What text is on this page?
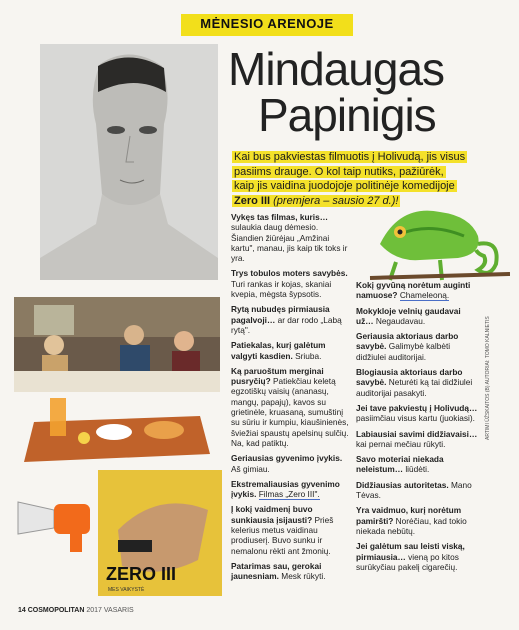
MĖNESIO ARENOJE
Mindaugas
Papinigis
Kai bus pakviestas filmuotis į Holivudą, jis visus
pasiims drauge. O kol taip nutiks, pažiūrėk,
kaip jis vaidina juodojoje politinėje komedijoje
Zero III (premjera – sausio 27 d.)!
Vykęs tas filmas, kuris… sulaukia daug dėmesio. Šiandien žiūrėjau „Amžinai kartu", manau, jis kaip tik toks ir yra.
Trys tobulos moters savybės. Turi rankas ir kojas, skaniai kvepia, mėgsta šypsotis.
Rytą nubudęs pirmiausia pagalvoji… ar dar rodo „Labą rytą".
Patiekalas, kurį galėtum valgyti kasdien. Sriuba.
Ką paruoštum merginai pusryčių? Patiekčiau keletą egzotiškų vaisių (ananasų, mangų, papajų), kavos su grietinėle, kruasaną, sumuštinį su sūriu ir kumpiu, kiaušinienės, šviežiai spaustų apelsinų sulčių. Na, kad patiktų.
Geriausias gyvenimo įvykis. Aš gimiau.
Ekstremaliausias gyvenimo įvykis. Filmas „Zero III".
Į kokį vaidmenį buvo sunkiausia įsijausti? Prieš kelerius metus vaidinau prodiuserį. Buvo sunku ir nemalonu rėkti ant žmonių.
Patarimas sau, gerokai jaunesniam. Mesk rūkyti.
Kokį gyvūną norėtum auginti namuose? Chameleoną.
Mokykloje velnių gaudavai už… Negaudavau.
Geriausia aktoriaus darbo savybė. Galimybė kalbėti didžiulei auditorijai.
Blogiausia aktoriaus darbo savybė. Neturėti ką tai didžiulei auditorijai pasakyti.
Jei tave pakviestų į Holivudą… pasiimčiau visus kartu (juokiasi).
Labiausiai savimi didžiavaisi… kai pernai mečiau rūkyti.
Savo moteriai niekada neleistum… liūdėti.
Didžiausias autoritetas. Mano Tėvas.
Yra vaidmuo, kurį norėtum pamiršti? Norėčiau, kad tokio niekada nebūtų.
Jei galėtum sau leisti viską, pirmiausia… vieną po kitos surūkyčiau pakelį cigarečių.
ARTIMI ŪŽSKAITOS (B) AUTORIAI: TOMO KALNIETIS
ZERO III
MES VAIKYSTĖ
14 COSMOPOLITAN 2017 VASARIS
